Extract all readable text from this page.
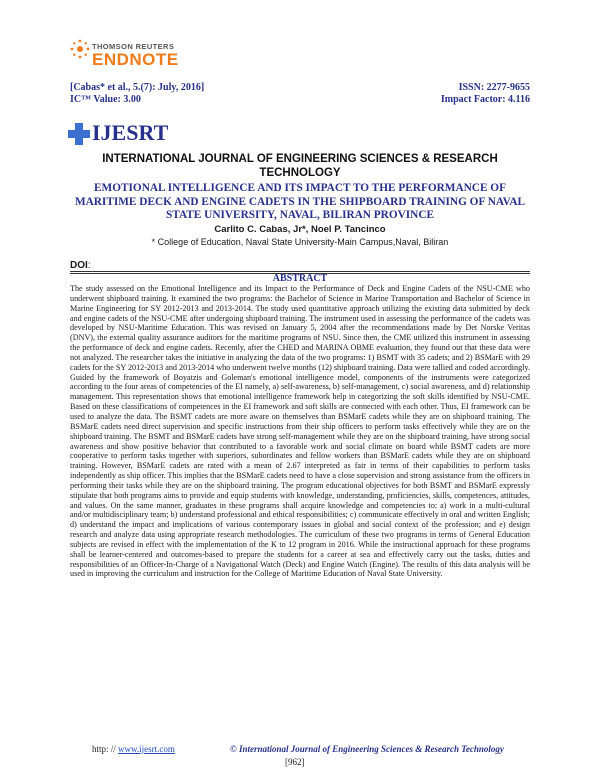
THOMSON REUTERS
ENDNOTE
[Cabas* et al., 5.(7): July, 2016]
IC™ Value: 3.00
ISSN: 2277-9655
Impact Factor: 4.116
IJESRT
INTERNATIONAL JOURNAL OF ENGINEERING SCIENCES & RESEARCH TECHNOLOGY
EMOTIONAL INTELLIGENCE AND ITS IMPACT TO THE PERFORMANCE OF MARITIME DECK AND ENGINE CADETS IN THE SHIPBOARD TRAINING OF NAVAL STATE UNIVERSITY, NAVAL, BILIRAN PROVINCE
Carlito C. Cabas, Jr*, Noel P. Tancinco
* College of Education, Naval State University-Main Campus,Naval, Biliran
DOI:
ABSTRACT
The study assessed on the Emotional Intelligence and its Impact to the Performance of Deck and Engine Cadets of the NSU-CME who underwent shipboard training. It examined the two programs: the Bachelor of Science in Marine Transportation and Bachelor of Science in Marine Engineering for SY 2012-2013 and 2013-2014. The study used quantitative approach utilizing the existing data submitted by deck and engine cadets of the NSU-CME after undergoing shipboard training. The instrument used in assessing the performance of the cadets was developed by NSU-Maritime Education. This was revised on January 5, 2004 after the recommendations made by Det Norske Veritas (DNV), the external quality assurance auditors for the maritime programs of NSU. Since then, the CME utilized this instrument in assessing the performance of deck and engine cadets. Recently, after the CHED and MARINA OBME evaluation, they found out that these data were not analyzed. The researcher takes the initiative in analyzing the data of the two programs: 1) BSMT with 35 cadets; and 2) BSMarE with 29 cadets for the SY 2012-2013 and 2013-2014 who underwent twelve months (12) shipboard training. Data were tallied and coded accordingly. Guided by the framework of Boyatzis and Goleman's emotional intelligence model, components of the instruments were categorized according to the four areas of competencies of the EI namely, a) self-awareness, b) self-management, c) social awareness, and d) relationship management. This representation shows that emotional intelligence framework help in categorizing the soft skills identified by NSU-CME. Based on these classifications of competences in the EI framework and soft skills are connected with each other. Thus, EI framework can be used to analyze the data. The BSMT cadets are more aware on themselves than BSMarE cadets while they are on shipboard training. The BSMarE cadets need direct supervision and specific instructions from their ship officers to perform tasks effectively while they are on the shipboard training. The BSMT and BSMarE cadets have strong self-management while they are on the shipboard training, have strong social awareness and show positive behavior that contributed to a favorable work and social climate on board while BSMT cadets are more cooperative to perform tasks together with superiors, subordinates and fellow workers than BSMarE cadets while they are on shipboard training. However, BSMarE cadets are rated with a mean of 2.67 interpreted as fair in terms of their capabilities to perform tasks independently as ship officer. This implies that the BSMarE cadets need to have a close supervision and strong assistance from the officers in performing their tasks while they are on the shipboard training. The program educational objectives for both BSMT and BSMarE expressly stipulate that both programs aims to provide and equip students with knowledge, understanding, proficiencies, skills, competences, attitudes, and values. On the same manner, graduates in these programs shall acquire knowledge and competencies to: a) work in a multi-cultural and/or multidisciplinary team; b) understand professional and ethical responsibilities; c) communicate effectively in oral and written English; d) understand the impact and implications of various contemporary issues in global and social context of the profession; and e) design research and analyze data using appropriate research methodologies. The curriculum of these two programs in terms of General Education subjects are revised in effect with the implementation of the K to 12 program in 2016. While the instructional approach for these programs shall be learner-centered and outcomes-based to prepare the students for a career at sea and effectively carry out the tasks, duties and responsibilities of an Officer-In-Charge of a Navigational Watch (Deck) and Engine Watch (Engine). The results of this data analysis will be used in improving the curriculum and instruction for the College of Maritime Education of Naval State University.
http: // www.ijesrt.com	© International Journal of Engineering Sciences & Research Technology
[962]
